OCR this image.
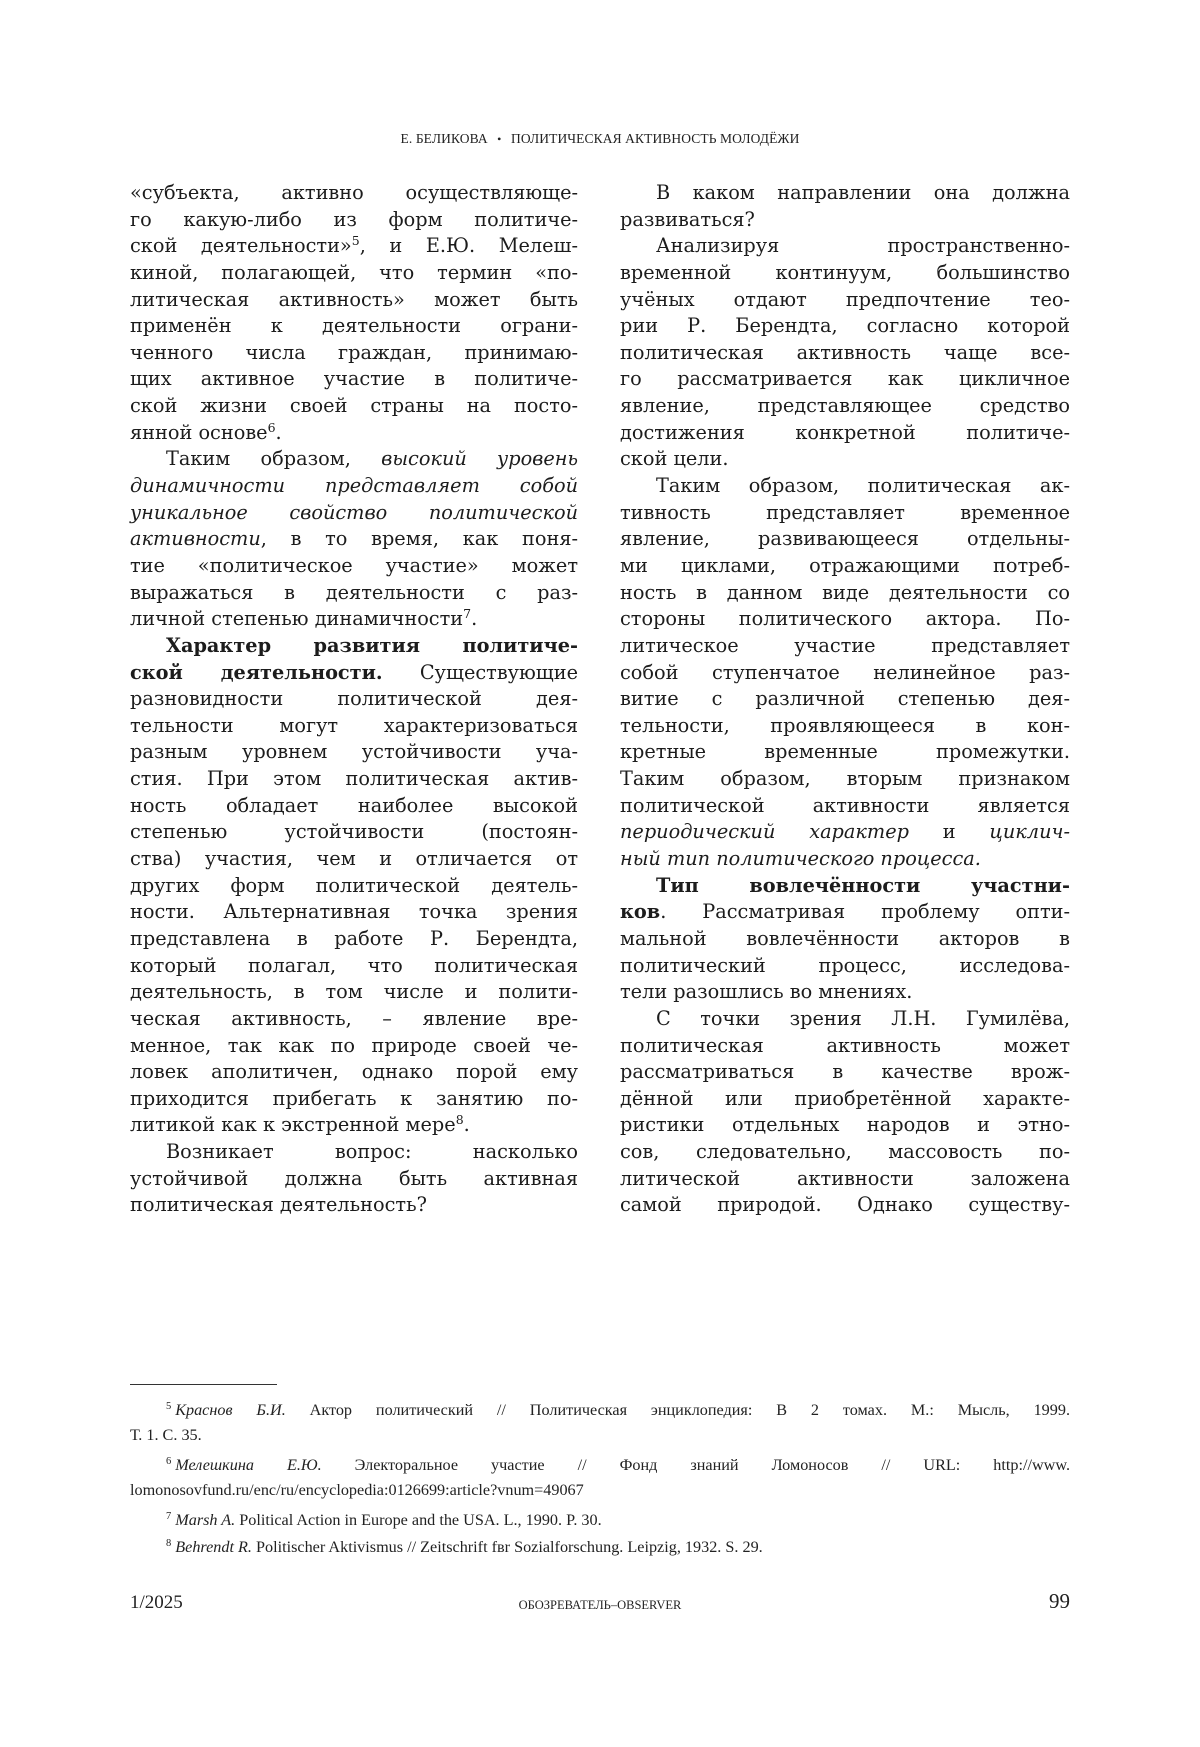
Е. БЕЛИКОВА • ПОЛИТИЧЕСКАЯ АКТИВНОСТЬ МОЛОДЁЖИ
«субъекта, активно осуществляюще-
го какую-либо из форм политиче-
ской деятельности»$^5$, и Е.Ю. Мелеш-
киной, полагающей, что термин «по-
литическая активность» может быть
применён к деятельности ограни-
ченного числа граждан, принимаю-
щих активное участие в политиче-
ской жизни своей страны на посто-
янной основе$^6$.
Таким образом, высокий уровень
динамичности представляет собой
уникальное свойство политической
активности, в то время, как поня-
тие «политическое участие» может
выражаться в деятельности с раз-
личной степенью динамичности$^7$.
Характер развития политиче-
ской деятельности. Существующие
разновидности политической дея-
тельности могут характеризоваться
разным уровнем устойчивости уча-
стия. При этом политическая актив-
ность обладает наиболее высокой
степенью устойчивости (постоян-
ства) участия, чем и отличается от
других форм политической деятель-
ности. Альтернативная точка зрения
представлена в работе Р. Берендта,
который полагал, что политическая
деятельность, в том числе и полити-
ческая активность, – явление вре-
менное, так как по природе своей че-
ловек аполитичен, однако порой ему
приходится прибегать к занятию по-
литикой как к экстренной мере$^8$.
Возникает вопрос: насколько
устойчивой должна быть активная
политическая деятельность?
В каком направлении она должна
развиваться?
Анализируя пространственно-
временной континуум, большинство
учёных отдают предпочтение тео-
рии Р. Берендта, согласно которой
политическая активность чаще все-
го рассматривается как цикличное
явление, представляющее средство
достижения конкретной политиче-
ской цели.
Таким образом, политическая ак-
тивность представляет временное
явление, развивающееся отдельны-
ми циклами, отражающими потреб-
ность в данном виде деятельности со
стороны политического актора. По-
литическое участие представляет
собой ступенчатое нелинейное раз-
витие с различной степенью дея-
тельности, проявляющееся в кон-
кретные временные промежутки.
Таким образом, вторым признаком
политической активности является
периодический характер и циклич-
ный тип политического процесса.
Тип вовлечённости участни-
ков. Рассматривая проблему опти-
мальной вовлечённости акторов в
политический процесс, исследова-
тели разошлись во мнениях.
С точки зрения Л.Н. Гумилёва,
политическая активность может
рассматриваться в качестве врож-
дённой или приобретённой характе-
ристики отдельных народов и этно-
сов, следовательно, массовость по-
литической активности заложена
самой природой. Однако существу-
$^5$ Краснов Б.И. Актор политический // Политическая энциклопедия: В 2 томах. М.: Мысль, 1999.
Т. 1. С. 35.
$^6$ Мелешкина Е.Ю. Электоральное участие // Фонд знаний Ломоносов // URL: http://www.
lomonosovfund.ru/enc/ru/encyclopedia:0126699:article?vnum=49067
$^7$ Marsh A. Political Action in Europe and the USA. L., 1990. P. 30.
$^8$ Behrendt R. Politischer Aktivismus // Zeitschrift fвr Sozialforschung. Leipzig, 1932. S. 29.
1/2025	ОБОЗРЕВАТЕЛЬ–OBSERVER	99
